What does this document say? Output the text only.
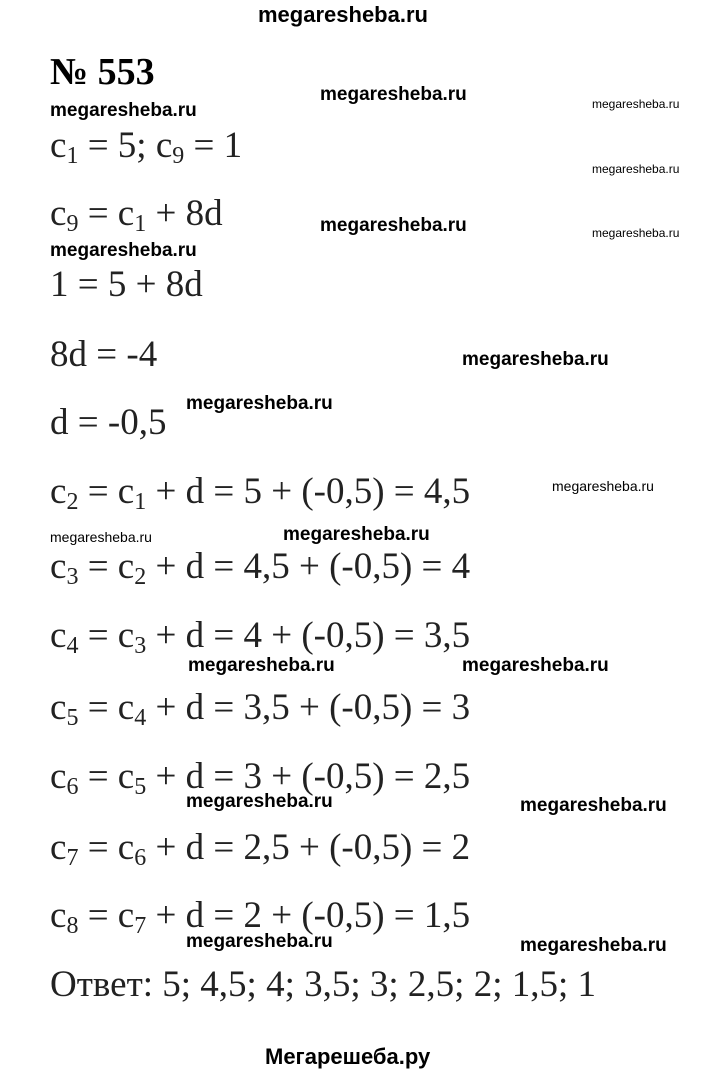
megaresheba.ru
№ 553
megaresheba.ru
megaresheba.ru	megaresheba.ru
megaresheba.ru
megaresheba.ru	megaresheba.ru
megaresheba.ru
megaresheba.ru
megaresheba.ru
megaresheba.ru
megaresheba.ru	megaresheba.ru
megaresheba.ru	megaresheba.ru
megaresheba.ru	megaresheba.ru
megaresheba.ru	megaresheba.ru
$c_1 = 5$; $c_9 = 1$
$c_9 = c_1 + 8d$
1 = 5 + 8d
8d = -4
d = -0,5
$c_2 = c_1 + d = 5 + (-0,5) = 4,5$
$c_3 = c_2 + d = 4,5 + (-0,5) = 4$
$c_4 = c_3 + d = 4 + (-0,5) = 3,5$
$c_5 = c_4 + d = 3,5 + (-0,5) = 3$
$c_6 = c_5 + d = 3 + (-0,5) = 2,5$
$c_7 = c_6 + d = 2,5 + (-0,5) = 2$
$c_8 = c_7 + d = 2 + (-0,5) = 1,5$
Ответ: 5; 4,5; 4; 3,5; 3; 2,5; 2; 1,5; 1
Мегарешеба.ру
